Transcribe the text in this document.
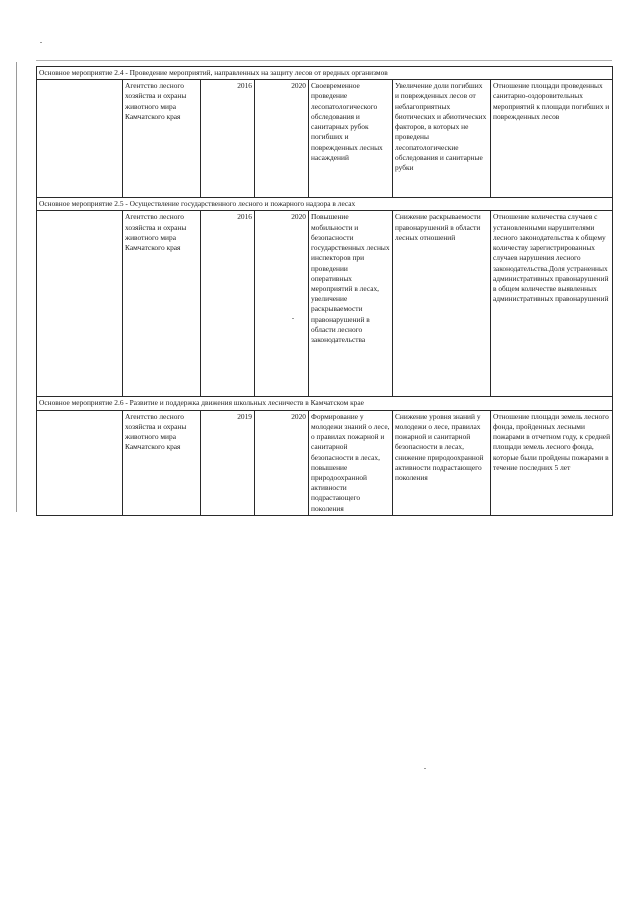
Основное мероприятие 2.4 - Проведение мероприятий, направленных на защиту лесов от вредных организмов						
	Агентство лесного хозяйства и охраны животного мира Камчатского края	2016	2020	Своевременное проведение лесопатологического обследования и санитарных рубок погибших и поврежденных лесных насаждений	Увеличение доли погибших и поврежденных лесов от неблагоприятных биотических и абиотических факторов, в которых не проведены лесопатологические обследования и санитарные рубки	Отношение площади проведенных санитарно-оздоровительных мероприятий к площади погибших и поврежденных лесов
Основное мероприятие 2.5 - Осуществление государственного лесного и пожарного надзора в лесах						
	Агентство лесного хозяйства и охраны животного мира Камчатского края	2016	2020	Повышение мобильности и безопасности государственных лесных инспекторов при проведении оперативных мероприятий в лесах, увеличение раскрываемости правонарушений в области лесного законодательства	Снижение раскрываемости правонарушений в области лесных отношений	Отношение количества случаев с установленными нарушителями лесного законодательства к общему количеству зарегистрированных случаев нарушения лесного законодательства.Доля устраненных административных правонарушений в общем количестве выявленных административных правонарушений
Основное мероприятие 2.6 - Развитие и поддержка движения школьных лесничеств в Камчатском крае						
	Агентство лесного хозяйства и охраны животного мира Камчатского края	2019	2020	Формирование у молодежи знаний о лесе, о правилах пожарной и санитарной безопасности в лесах, повышение природоохранной активности подрастающего поколения	Снижение уровня знаний у молодежи о лесе, правилах пожарной и санитарной безопасности в лесах, снижение природоохранной активности подрастающего поколения	Отношение площади земель лесного фонда, пройденных лесными пожарами в отчетном году, к средней площади земель лесного фонда, которые были пройдены пожарами в течение последних 5 лет
